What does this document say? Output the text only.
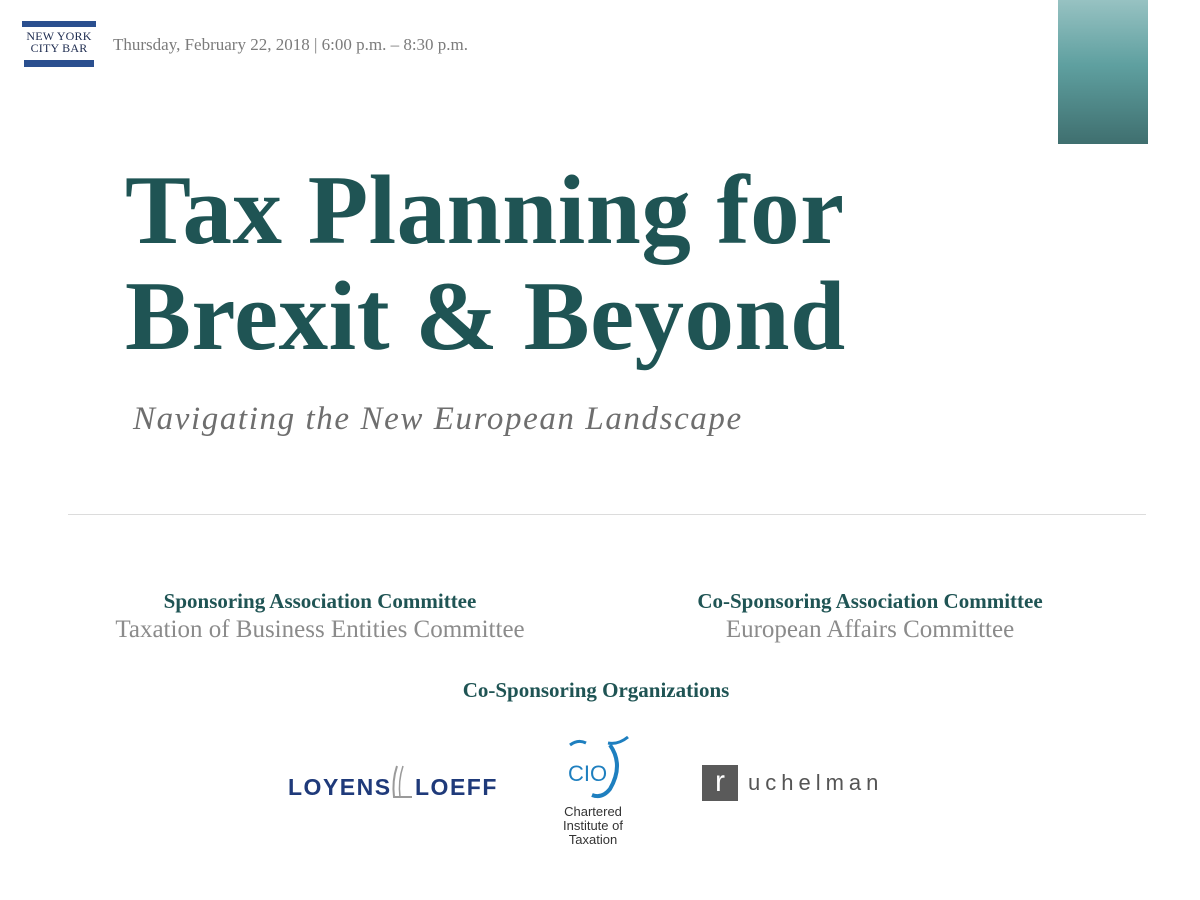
NEW YORK
CITY BAR	Thursday, February 22, 2018 | 6:00 p.m. – 8:30 p.m.
Tax Planning for
Brexit & Beyond
Navigating the New European Landscape
Sponsoring Association Committee
Taxation of Business Entities Committee
Co-Sponsoring Association Committee
European Affairs Committee
Co-Sponsoring Organizations
LOYENS LOEFF
CIO
Chartered
Institute of
Taxation
r	uchelman
